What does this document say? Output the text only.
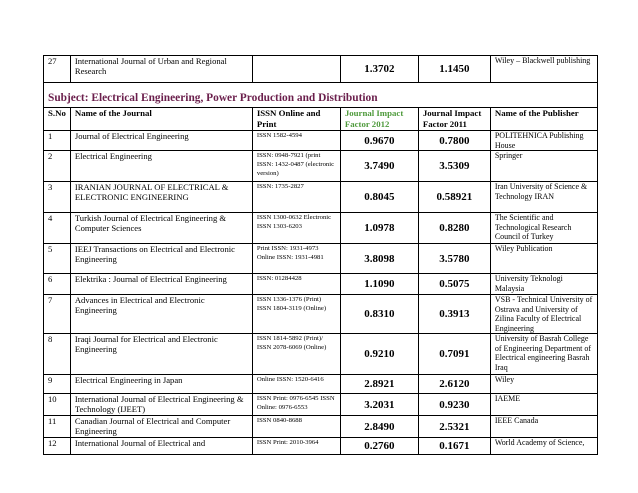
27	International Journal of Urban and Regional Research		1.3702	1.1450	Wiley – Blackwell publishing
Subject: Electrical Engineering, Power Production and Distribution					
S.No	Name of the Journal	ISSN Online and Print	Journal Impact Factor 2012	Journal Impact Factor 2011	Name of the Publisher
1	Journal of Electrical Engineering	ISSN 1582-4594	0.9670	0.7800	POLITEHNICA Publishing House
2	Electrical Engineering	ISSN: 0948-7921 (print ISSN: 1432-0487 (electronic version)	3.7490	3.5309	Springer
3	IRANIAN JOURNAL OF ELECTRICAL & ELECTRONIC ENGINEERING	ISSN: 1735-2827	0.8045	0.58921	Iran University of Science & Technology IRAN
4	Turkish Journal of Electrical Engineering & Computer Sciences	ISSN 1300-0632 Electronic ISSN 1303-6203	1.0978	0.8280	The Scientific and Technological Research Council of Turkey
5	IEEJ Transactions on Electrical and Electronic Engineering	Print ISSN: 1931-4973 Online ISSN: 1931-4981	3.8098	3.5780	Wiley Publication
6	Elektrika : Journal of Electrical Engineering	ISSN: 01284428	1.1090	0.5075	University Teknologi Malaysia
7	Advances in Electrical and Electronic Engineering	ISSN 1336-1376 (Print) ISSN 1804-3119 (Online)	0.8310	0.3913	VSB - Technical University of Ostrava and University of Zilina Faculty of Electrical Engineering
8	Iraqi Journal for Electrical and Electronic Engineering	ISSN 1814-5892 (Print)/ ISSN 2078-6069 (Online)	0.9210	0.7091	University of Basrah College of Engineering Department of Electrical engineering Basrah Iraq
9	Electrical Engineering in Japan	Online ISSN: 1520-6416	2.8921	2.6120	Wiley
10	International Journal of Electrical Engineering & Technology (IJEET)	ISSN Print: 0976-6545 ISSN Online: 0976-6553	3.2031	0.9230	IAEME
11	Canadian Journal of Electrical and Computer Engineering	ISSN 0840-8688	2.8490	2.5321	IEEE Canada
12	International Journal of Electrical and	ISSN Print: 2010-3964	0.2760	0.1671	World Academy of Science,
